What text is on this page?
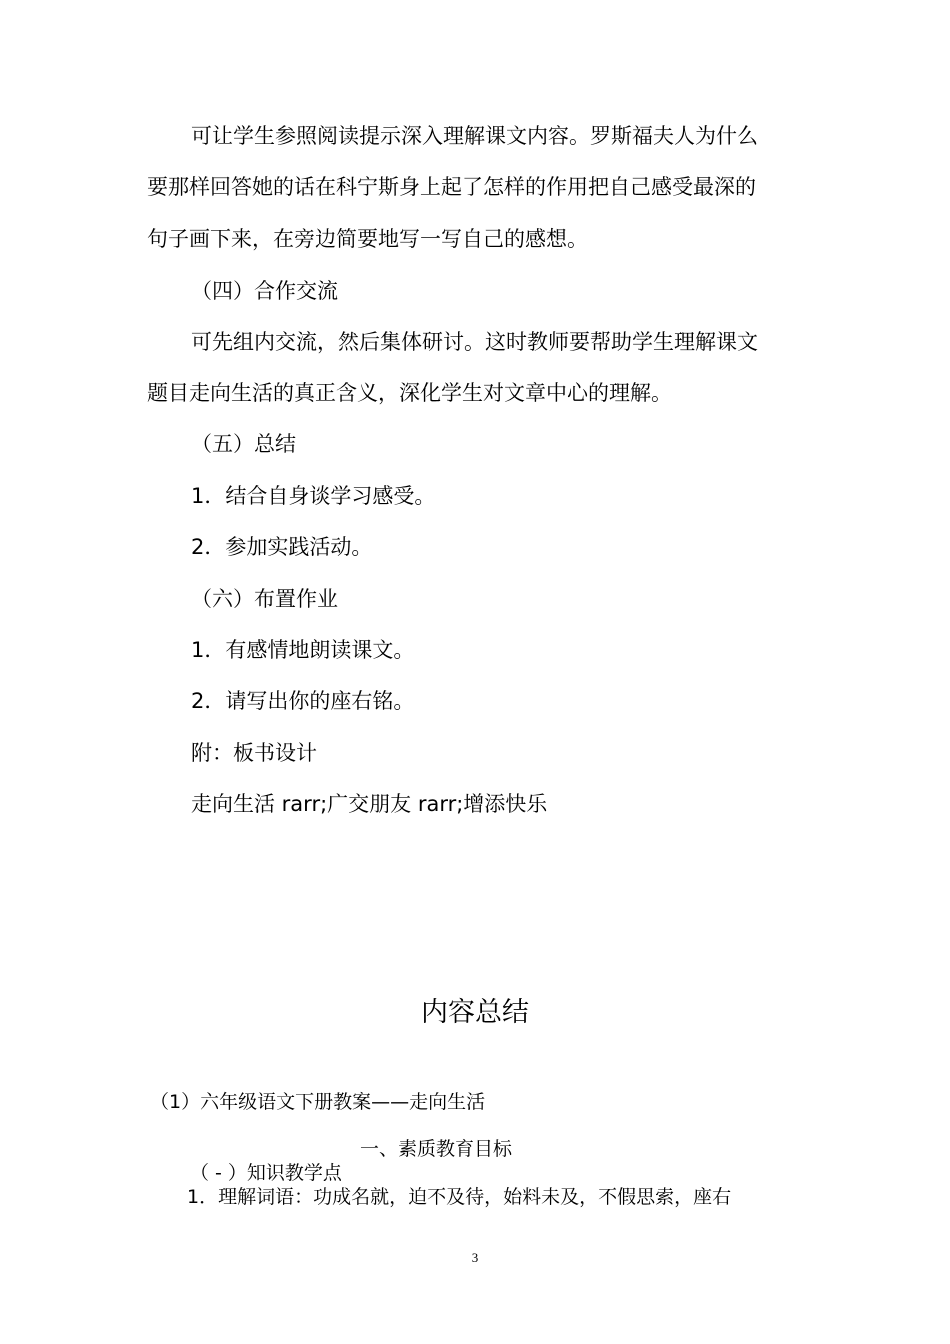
可让学生参照阅读提示深入理解课文内容。罗斯福夫人为什么
要那样回答她的话在科宁斯身上起了怎样的作用把自己感受最深的
句子画下来，在旁边简要地写一写自己的感想。
（四）合作交流
可先组内交流，然后集体研讨。这时教师要帮助学生理解课文
题目走向生活的真正含义，深化学生对文章中心的理解。
（五）总结
1．结合自身谈学习感受。
2．参加实践活动。
（六）布置作业
1．有感情地朗读课文。
2．请写出你的座右铭。
附：板书设计
走向生活 rarr;广交朋友 rarr;增添快乐
内容总结
（1）六年级语文下册教案——走向生活
一、素质教育目标
（ - ）知识教学点
1．理解词语：功成名就，迫不及待，始料未及，不假思索，座右
3
